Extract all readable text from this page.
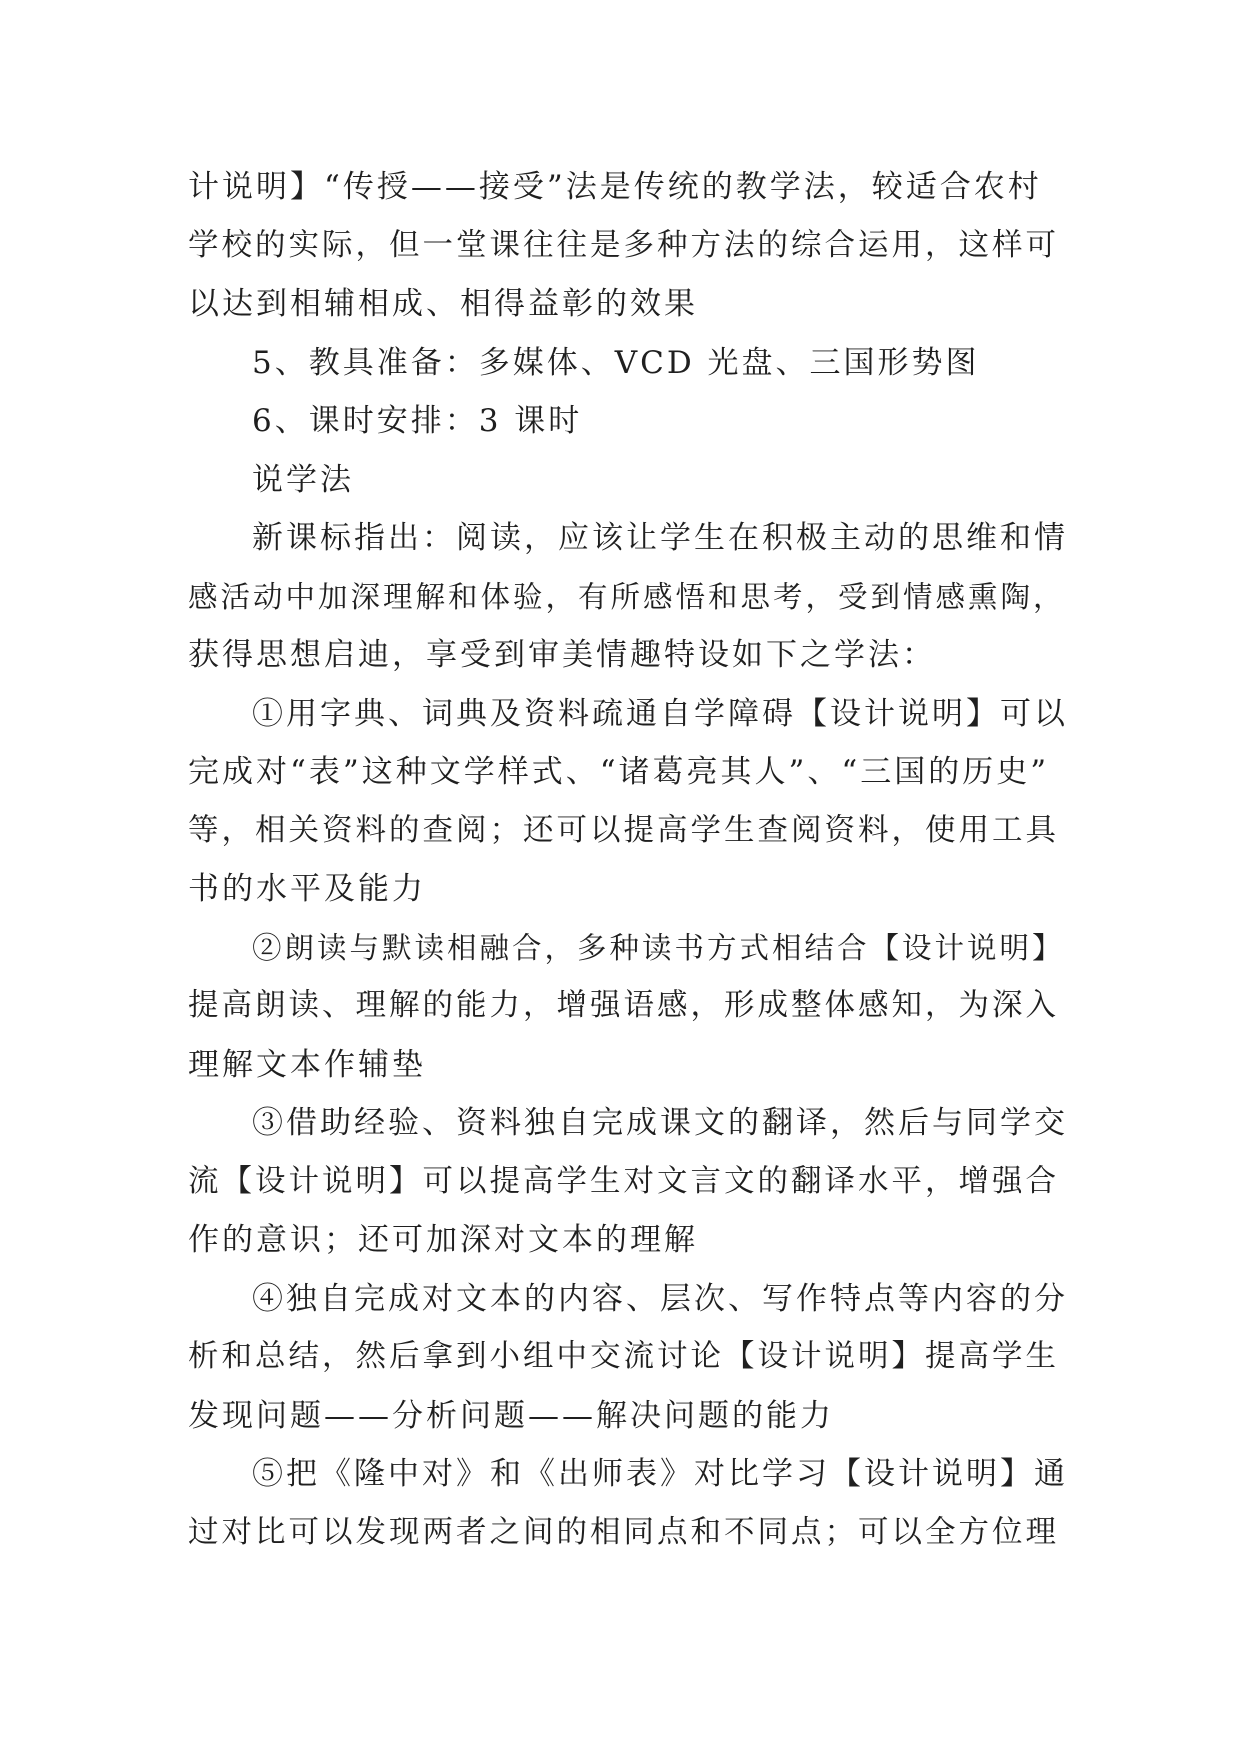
计说明】“传授——接受”法是传统的教学法，较适合农村
学校的实际，但一堂课往往是多种方法的综合运用，这样可
以达到相辅相成、相得益彰的效果
5、教具准备：多媒体、VCD 光盘、三国形势图
6、课时安排：3 课时
说学法
新课标指出：阅读，应该让学生在积极主动的思维和情
感活动中加深理解和体验，有所感悟和思考，受到情感熏陶，
获得思想启迪，享受到审美情趣特设如下之学法：
①用字典、词典及资料疏通自学障碍【设计说明】可以
完成对“表”这种文学样式、“诸葛亮其人”、“三国的历史”
等，相关资料的查阅；还可以提高学生查阅资料，使用工具
书的水平及能力
②朗读与默读相融合，多种读书方式相结合【设计说明】
提高朗读、理解的能力，增强语感，形成整体感知，为深入
理解文本作辅垫
③借助经验、资料独自完成课文的翻译，然后与同学交
流【设计说明】可以提高学生对文言文的翻译水平，增强合
作的意识；还可加深对文本的理解
④独自完成对文本的内容、层次、写作特点等内容的分
析和总结，然后拿到小组中交流讨论【设计说明】提高学生
发现问题——分析问题——解决问题的能力
⑤把《隆中对》和《出师表》对比学习【设计说明】通
过对比可以发现两者之间的相同点和不同点；可以全方位理
